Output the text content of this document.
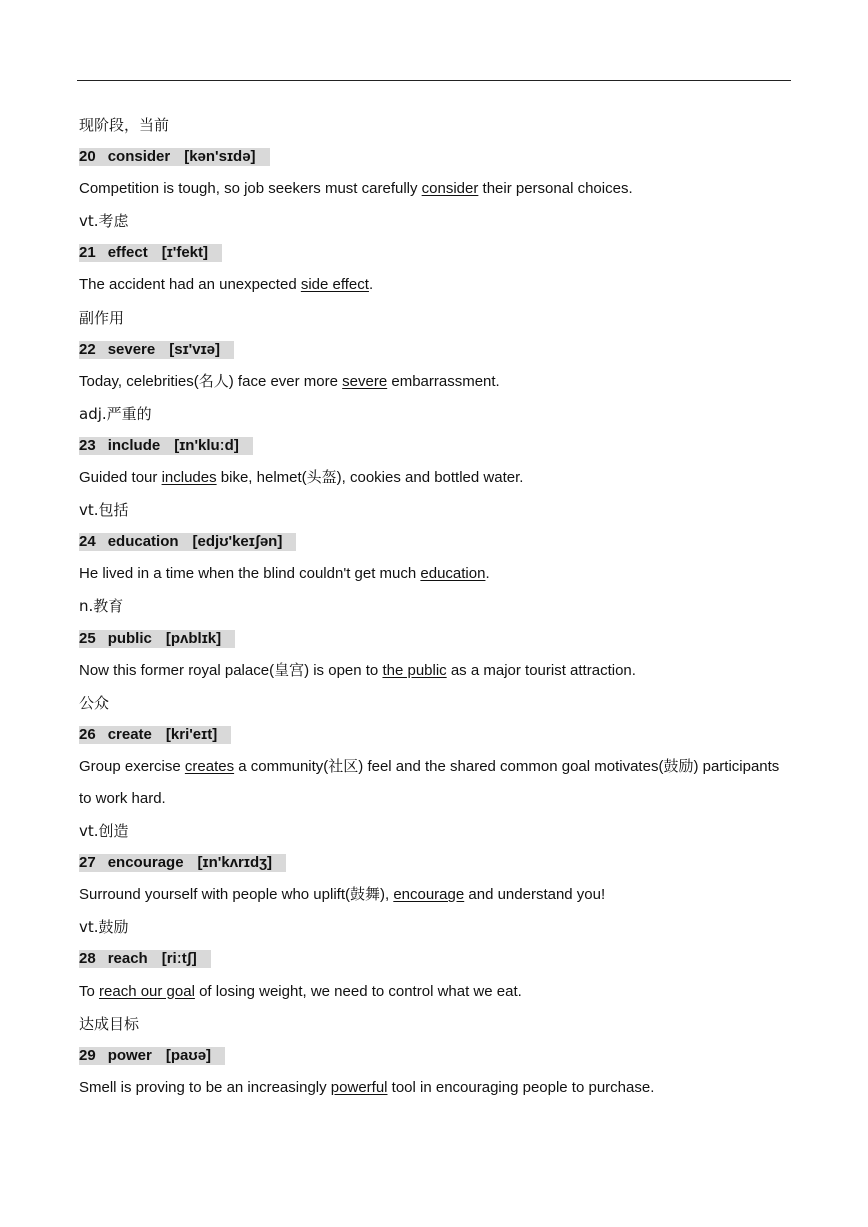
现阶段，当前
20 consider [kən'sɪdə]
Competition is tough, so job seekers must carefully consider their personal choices.
vt.考虑
21 effect [ɪ'fekt]
The accident had an unexpected side effect.
副作用
22 severe [sɪ'vɪə]
Today, celebrities(名人) face ever more severe embarrassment.
adj.严重的
23 include [ɪn'kluːd]
Guided tour includes bike, helmet(头盔), cookies and bottled water.
vt.包括
24 education [edjʊ'keɪʃən]
He lived in a time when the blind couldn't get much education.
n.教育
25 public [pʌblɪk]
Now this former royal palace(皇宫) is open to the public as a major tourist attraction.
公众
26 create [kri'eɪt]
Group exercise creates a community(社区) feel and the shared common goal motivates(鼓励) participants to work hard.
vt.创造
27 encourage [ɪn'kʌrɪdʒ]
Surround yourself with people who uplift(鼓舞), encourage and understand you!
vt.鼓励
28 reach [riːtʃ]
To reach our goal of losing weight, we need to control what we eat.
达成目标
29 power [paʊə]
Smell is proving to be an increasingly powerful tool in encouraging people to purchase.
